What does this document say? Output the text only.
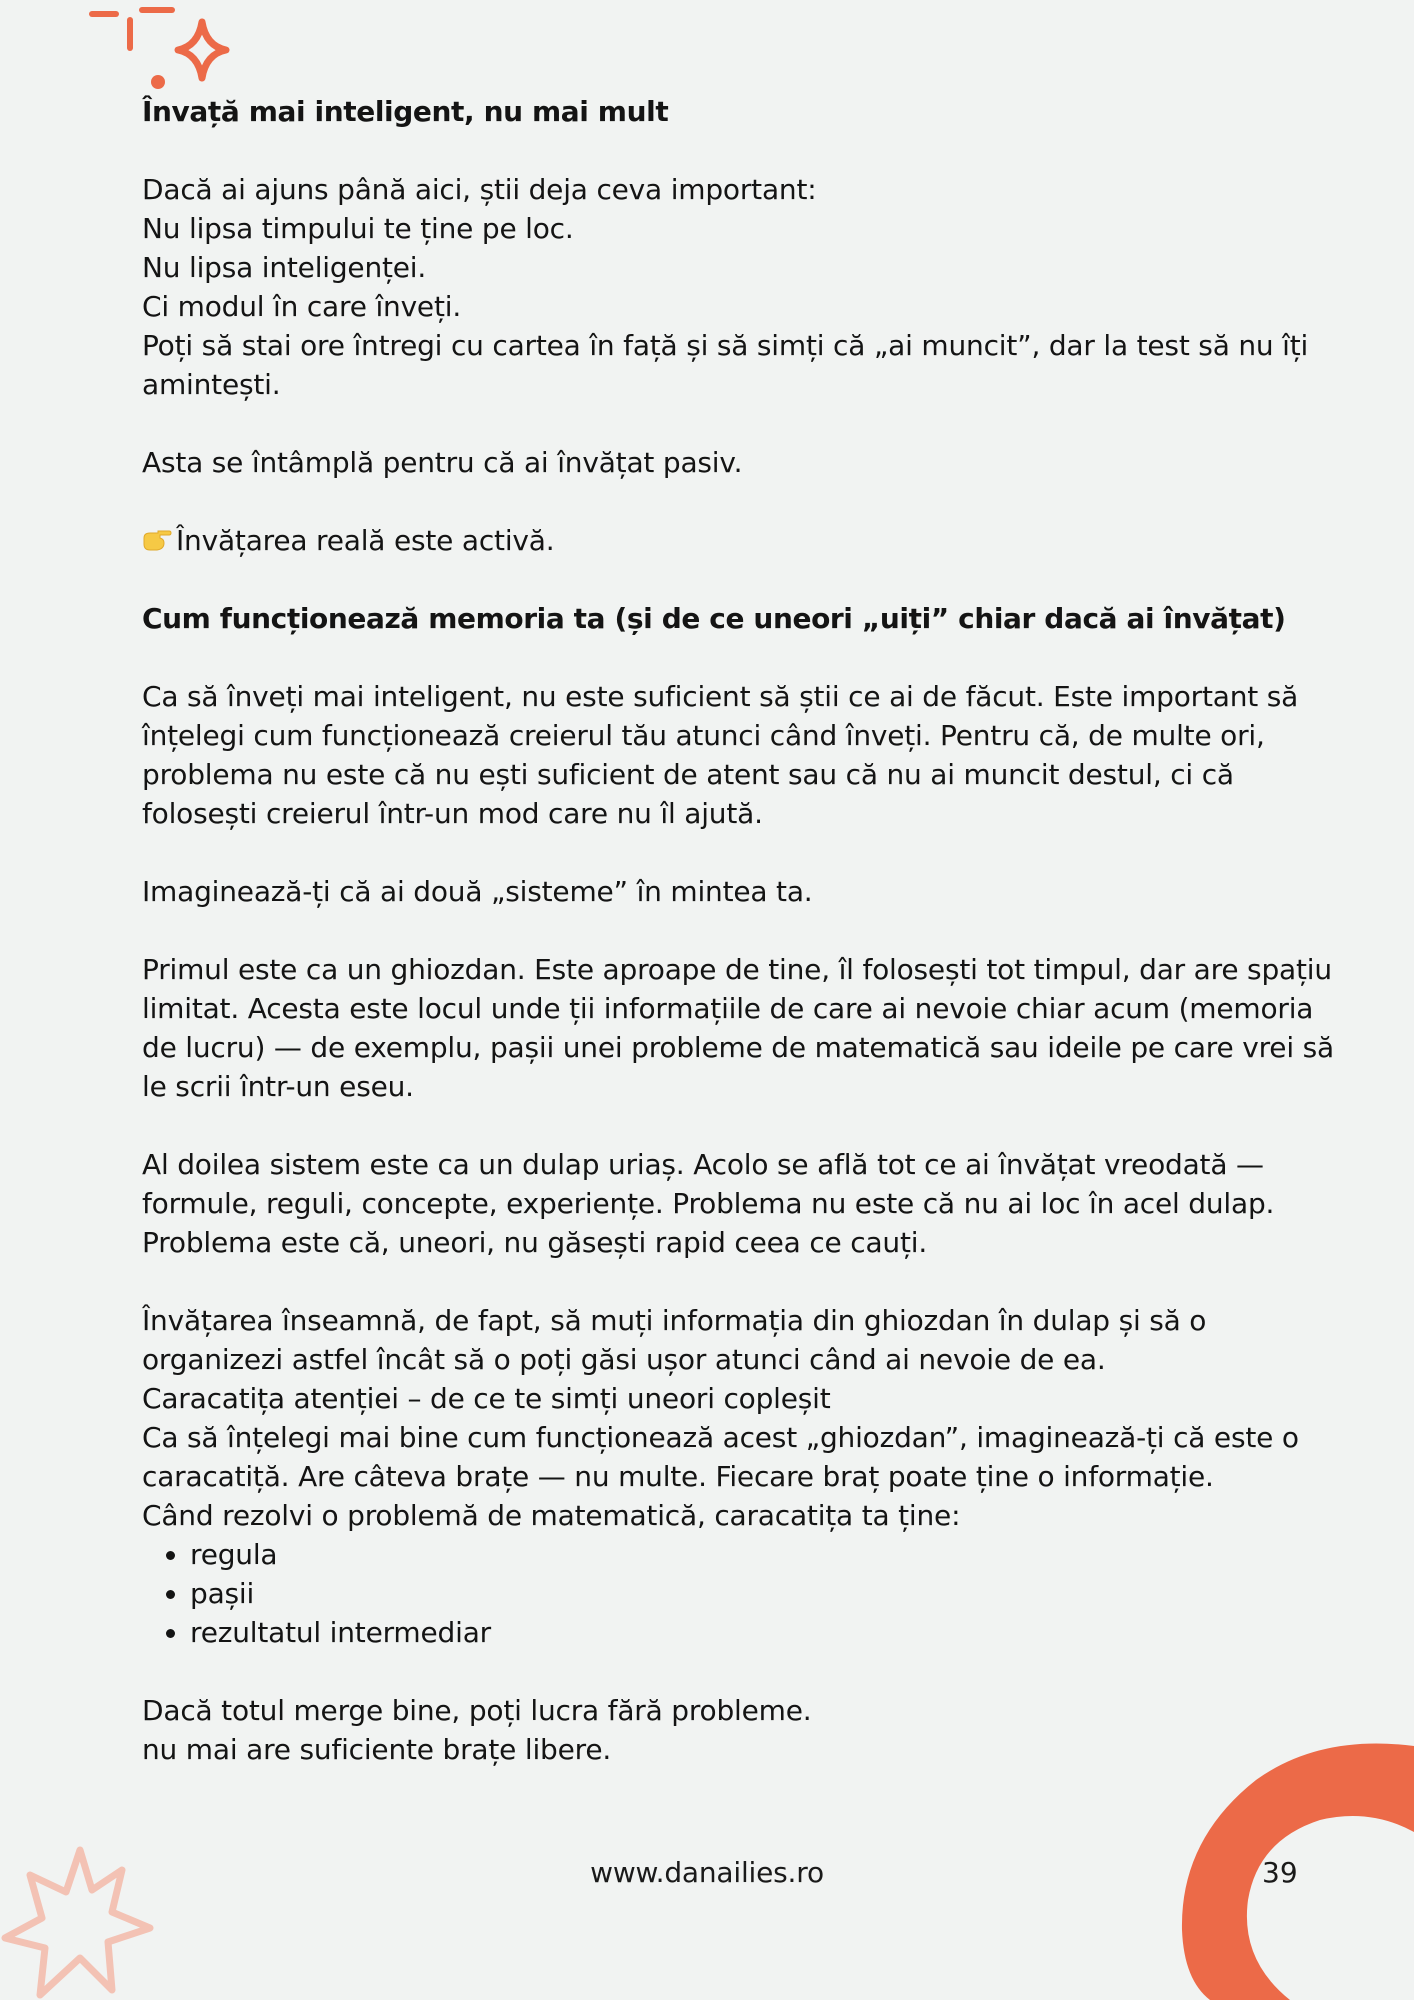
Învață mai inteligent, nu mai mult

Dacă ai ajuns până aici, știi deja ceva important:

Nu lipsa timpului te ține pe loc.

Nu lipsa inteligenței.

Ci modul în care înveți.

Poți să stai ore întregi cu cartea în față și să simți că „ai muncit”, dar la test să nu îți amintești.

Asta se întâmplă pentru că ai învățat pasiv.

Învățarea reală este activă.

Cum funcționează memoria ta (și de ce uneori „uiți” chiar dacă ai învățat)

Ca să înveți mai inteligent, nu este suficient să știi ce ai de făcut. Este important să înțelegi cum funcționează creierul tău atunci când înveți. Pentru că, de multe ori, problema nu este că nu ești suficient de atent sau că nu ai muncit destul, ci că folosești creierul într-un mod care nu îl ajută.

Imaginează-ți că ai două „sisteme” în mintea ta.

Primul este ca un ghiozdan. Este aproape de tine, îl folosești tot timpul, dar are spațiu limitat. Acesta este locul unde ții informațiile de care ai nevoie chiar acum (memoria de lucru) — de exemplu, pașii unei probleme de matematică sau ideile pe care vrei să le scrii într-un eseu.

Al doilea sistem este ca un dulap uriaș. Acolo se află tot ce ai învățat vreodată — formule, reguli, concepte, experiențe. Problema nu este că nu ai loc în acel dulap. Problema este că, uneori, nu găsești rapid ceea ce cauți.

Învățarea înseamnă, de fapt, să muți informația din ghiozdan în dulap și să o organizezi astfel încât să o poți găsi ușor atunci când ai nevoie de ea.

Caracatița atenției – de ce te simți uneori copleșit

Ca să înțelegi mai bine cum funcționează acest „ghiozdan”, imaginează-ți că este o caracatiță. Are câteva brațe — nu multe. Fiecare braț poate ține o informație.

Când rezolvi o problemă de matematică, caracatița ta ține:

• regula
• pașii
• rezultatul intermediar

Dacă totul merge bine, poți lucra fără probleme.

nu mai are suficiente brațe libere.

www.danailies.ro	39
